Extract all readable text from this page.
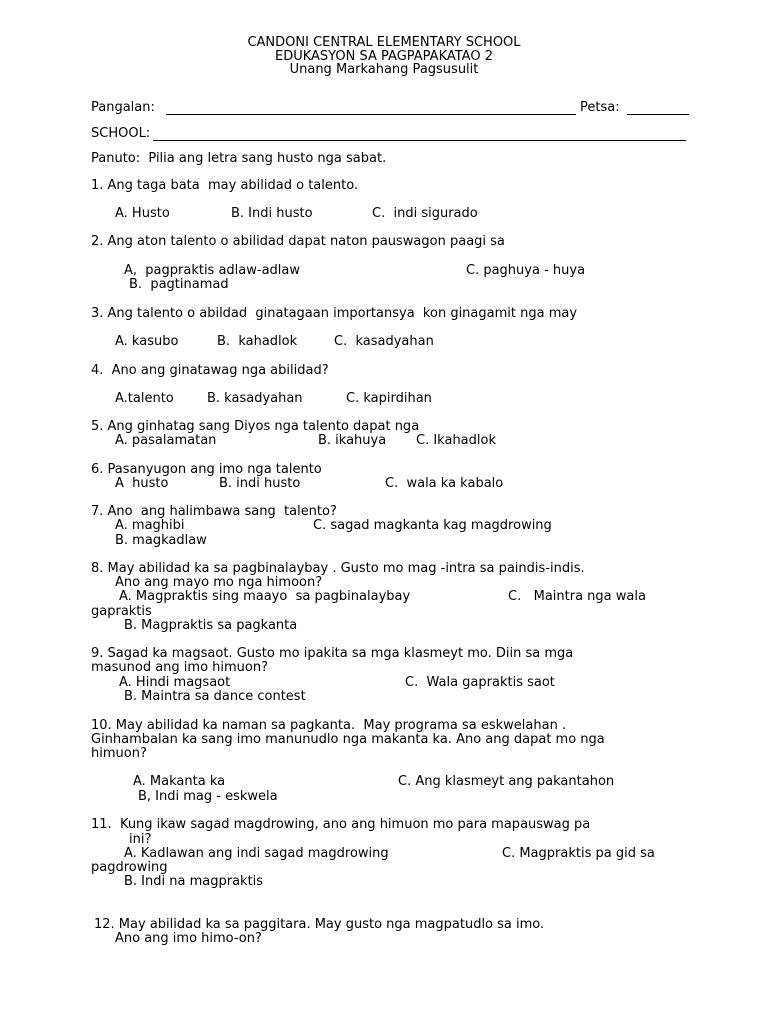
CANDONI CENTRAL ELEMENTARY SCHOOL
EDUKASYON SA PAGPAPAKATAO 2
Unang Markahang Pagsusulit
Pangalan:	Petsa:
SCHOOL:
Panuto:  Pilia ang letra sang husto nga sabat.
1. Ang taga bata  may abilidad o talento.
A. Husto	B. Indi husto	C.  indi sigurado
2. Ang aton talento o abilidad dapat naton pauswagon paagi sa
A,  pagpraktis adlaw-adlaw	C. paghuya - huya
B.  pagtinamad
3. Ang talento o abildad  ginatagaan importansya  kon ginagamit nga may
A. kasubo	B.  kahadlok	C.  kasadyahan
4.  Ano ang ginatawag nga abilidad?
A.talento	B. kasadyahan	C. kapirdihan
5. Ang ginhatag sang Diyos nga talento dapat nga
A. pasalamatan	B. ikahuya C. Ikahadlok
6. Pasanyugon ang imo nga talento
A  husto	B. indi husto	C.  wala ka kabalo
7. Ano  ang halimbawa sang  talento?
A. maghibi	C. sagad magkanta kag magdrowing
B. magkadlaw
8. May abilidad ka sa pagbinalaybay . Gusto mo mag -intra sa paindis-indis.
Ano ang mayo mo nga himoon?
A. Magpraktis sing maayo  sa pagbinalaybay	C.   Maintra nga wala
gapraktis
B. Magpraktis sa pagkanta
9. Sagad ka magsaot. Gusto mo ipakita sa mga klasmeyt mo. Diin sa mga
masunod ang imo himuon?
A. Hindi magsaot	C.  Wala gapraktis saot
B. Maintra sa dance contest
10. May abilidad ka naman sa pagkanta.  May programa sa eskwelahan .
Ginhambalan ka sang imo manunudlo nga makanta ka. Ano ang dapat mo nga
himuon?
A. Makanta ka	C. Ang klasmeyt ang pakantahon
B, Indi mag - eskwela
11.  Kung ikaw sagad magdrowing, ano ang himuon mo para mapauswag pa
ini?
A. Kadlawan ang indi sagad magdrowing	C. Magpraktis pa gid sa
pagdrowing
B. Indi na magpraktis
12. May abilidad ka sa paggitara. May gusto nga magpatudlo sa imo.
Ano ang imo himo-on?
